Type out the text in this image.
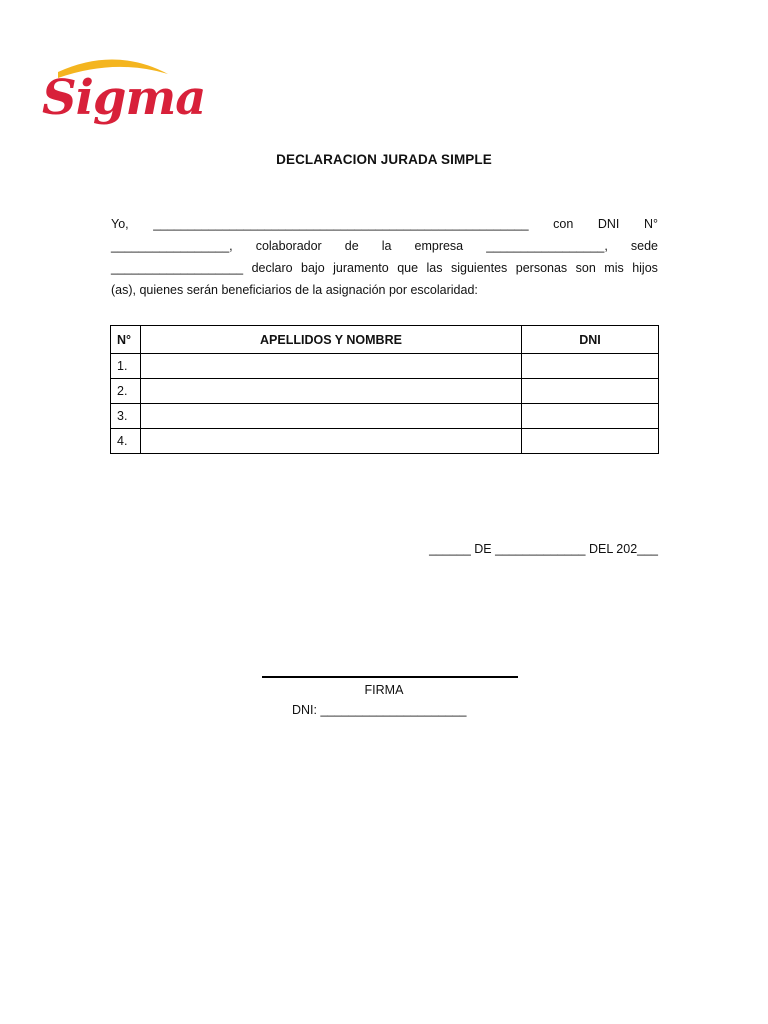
Sigma
DECLARACION JURADA SIMPLE
Yo, ______________________________________________________ con DNI N°
_________________, colaborador de la empresa _________________, sede
___________________ declaro bajo juramento que las siguientes personas son mis hijos
(as), quienes serán beneficiarios de la asignación por escolaridad:
N°	APELLIDOS Y NOMBRE	DNI
1.		
2.		
3.		
4.		
______ DE _____________ DEL 202___
FIRMA
DNI: _____________________
